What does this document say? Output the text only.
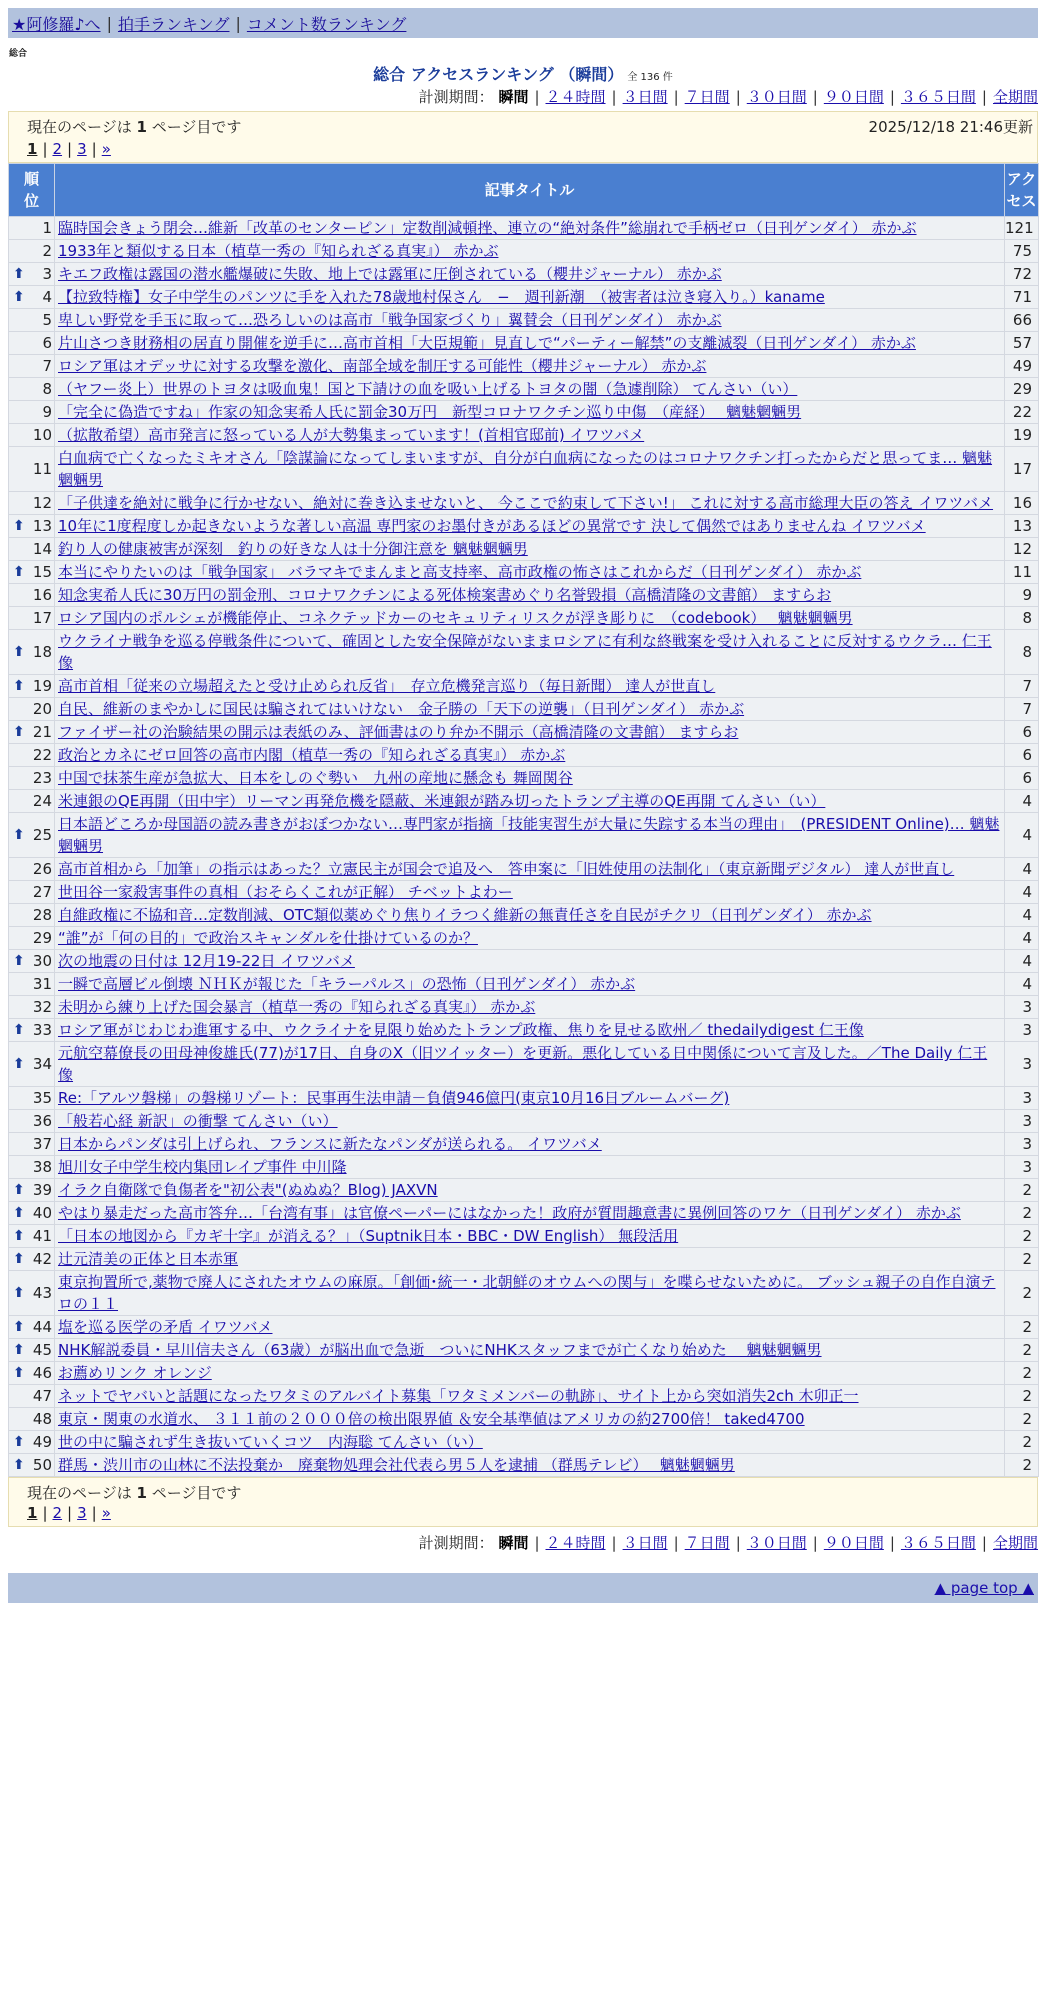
★阿修羅♪へ | 拍手ランキング | コメント数ランキング
総合
総合 アクセスランキング （瞬間） 全 136 件
計測期間： 瞬間 | ２４時間 | ３日間 | ７日間 | ３０日間 | ９０日間 | ３６５日間 | 全期間
現在のページは 1 ページ目です	2025/12/18 21:46更新
1 | 2 | 3 | »
順位	記事タイトル	アクセス
1	臨時国会きょう閉会…維新「改革のセンターピン」定数削減頓挫、連立の“絶対条件”総崩れで手柄ゼロ（日刊ゲンダイ） 赤かぶ	121
2	1933年と類似する日本（植草一秀の『知られざる真実』） 赤かぶ	75

⬆ 3	キエフ政権は露国の潜水艦爆破に失敗、地上では露軍に圧倒されている（櫻井ジャーナル） 赤かぶ	72

⬆ 4	【拉致特権】女子中学生のパンツに手を入れた78歳地村保さん　−　週刊新潮　（被害者は泣き寝入り。）kaname	71
5	卑しい野党を手玉に取って…恐ろしいのは高市「戦争国家づくり」翼賛会（日刊ゲンダイ） 赤かぶ	66
6	片山さつき財務相の居直り開催を逆手に…高市首相「大臣規範」見直しで“パーティー解禁”の支離滅裂（日刊ゲンダイ） 赤かぶ	57
7	ロシア軍はオデッサに対する攻撃を激化、南部全域を制圧する可能性（櫻井ジャーナル） 赤かぶ	49
8	（ヤフー炎上）世界のトヨタは吸血鬼！国と下請けの血を吸い上げるトヨタの闇（急遽削除） てんさい（い）	29
9	「完全に偽造ですね」作家の知念実希人氏に罰金30万円　新型コロナワクチン巡り中傷　（産経）　 魑魅魍魎男	22
10	（拡散希望）高市発言に怒っている人が大勢集まっています！(首相官邸前) イワツバメ	19
11	白血病で亡くなったミキオさん「陰謀論になってしまいますが、自分が白血病になったのはコロナワクチン打ったからだと思ってま… 魑魅魍魎男	17
12	「子供達を絶対に戦争に行かせない、絶対に巻き込ませないと、 今ここで約束して下さい!」 これに対する高市総理大臣の答え イワツバメ	16

⬆ 13	10年に1度程度しか起きないような著しい高温 専門家のお墨付きがあるほどの異常です 決して偶然ではありませんね イワツバメ	13
14	釣り人の健康被害が深刻　釣りの好きな人は十分御注意を 魑魅魍魎男	12

⬆ 15	本当にやりたいのは「戦争国家」 バラマキでまんまと高支持率、高市政権の怖さはこれからだ（日刊ゲンダイ） 赤かぶ	11
16	知念実希人氏に30万円の罰金刑、コロナワクチンによる死体検案書めぐり名誉毀損（高橋清隆の文書館） ますらお	9
17	ロシア国内のポルシェが機能停止、コネクテッドカーのセキュリティリスクが浮き彫りに　（codebook）　 魑魅魍魎男	8

⬆ 18	ウクライナ戦争を巡る停戦条件について、確固とした安全保障がないままロシアに有利な終戦案を受け入れることに反対するウクラ… 仁王像	8

⬆ 19	高市首相「従来の立場超えたと受け止められ反省」　存立危機発言巡り（毎日新聞） 達人が世直し	7
20	自民、維新のまやかしに国民は騙されてはいけない　金子勝の「天下の逆襲」（日刊ゲンダイ） 赤かぶ	7

⬆ 21	ファイザー社の治験結果の開示は表紙のみ、評価書はのり弁か不開示（高橋清隆の文書館） ますらお	6
22	政治とカネにゼロ回答の高市内閣（植草一秀の『知られざる真実』） 赤かぶ	6
23	中国で抹茶生産が急拡大、日本をしのぐ勢い　九州の産地に懸念も 舞岡関谷	6
24	米連銀のQE再開（田中宇）リーマン再発危機を隠蔽、米連銀が踏み切ったトランプ主導のQE再開 てんさい（い）	4

⬆ 25	日本語どころか母国語の読み書きがおぼつかない…専門家が指摘「技能実習生が大量に失踪する本当の理由」　(PRESIDENT Online)… 魑魅魍魎男	4
26	高市首相から「加筆」の指示はあった？立憲民主が国会で追及へ　答申案に「旧姓使用の法制化」（東京新聞デジタル） 達人が世直し	4
27	世田谷一家殺害事件の真相（おそらくこれが正解） チベットよわー	4
28	自維政権に不協和音…定数削減、OTC類似薬めぐり焦りイラつく維新の無責任さを自民がチクリ（日刊ゲンダイ） 赤かぶ	4
29	“誰”が「何の目的」で政治スキャンダルを仕掛けているのか？	4

⬆ 30	次の地震の日付は 12月19-22日 イワツバメ	4
31	一瞬で高層ビル倒壊 ＮＨＫが報じた「キラーパルス」の恐怖（日刊ゲンダイ） 赤かぶ	4
32	未明から練り上げた国会暴言（植草一秀の『知られざる真実』） 赤かぶ	3

⬆ 33	ロシア軍がじわじわ進軍する中、ウクライナを見限り始めたトランプ政権、焦りを見せる欧州／ thedailydigest 仁王像	3

⬆ 34	元航空幕僚長の田母神俊雄氏(77)が17日、自身のX（旧ツイッター）を更新。悪化している日中関係について言及した。／The Daily 仁王像	3
35	Re:「アルツ磐梯」の磐梯リゾート：民事再生法申請－負債946億円(東京10月16日ブルームバーグ)	3
36	「般若心経 新訳」の衝撃 てんさい（い）	3
37	日本からパンダは引上げられ、フランスに新たなパンダが送られる。 イワツバメ	3
38	旭川女子中学生校内集団レイプ事件 中川隆	3

⬆ 39	イラク自衛隊で負傷者を"初公表"(ぬぬぬ？Blog) JAXVN	2

⬆ 40	やはり暴走だった高市答弁…「台湾有事」は官僚ペーパーにはなかった！政府が質問趣意書に異例回答のワケ（日刊ゲンダイ） 赤かぶ	2

⬆ 41	「日本の地図から『カギ十字』が消える？」（Suptnik日本・BBC・DW English） 無段活用	2

⬆ 42	辻元清美の正体と日本赤軍	2

⬆ 43	東京拘置所で,薬物で廃人にされたオウムの麻原。「創価･統一・北朝鮮のオウムへの関与」を喋らせないために。 ブッシュ親子の自作自演テロの１１	2

⬆ 44	塩を巡る医学の矛盾 イワツバメ	2

⬆ 45	NHK解説委員・早川信夫さん（63歳）が脳出血で急逝　ついにNHKスタッフまでが亡くなり始めた　 魑魅魍魎男	2

⬆ 46	お薦めリンク オレンジ	2
47	ネットでヤバいと話題になったワタミのアルバイト募集「ワタミメンバーの軌跡」、サイト上から突如消失2ch 木卯正一	2
48	東京・関東の水道水、 ３１１前の２０００倍の検出限界値 ＆安全基準値はアメリカの約2700倍！ taked4700	2

⬆ 49	世の中に騙されず生き抜いていくコツ　内海聡 てんさい（い）	2

⬆ 50	群馬・渋川市の山林に不法投棄か　廃棄物処理会社代表ら男５人を逮捕 （群馬テレビ）　 魑魅魍魎男	2
現在のページは 1 ページ目です
1 | 2 | 3 | »
計測期間： 瞬間 | ２４時間 | ３日間 | ７日間 | ３０日間 | ９０日間 | ３６５日間 | 全期間
▲ page top ▲
